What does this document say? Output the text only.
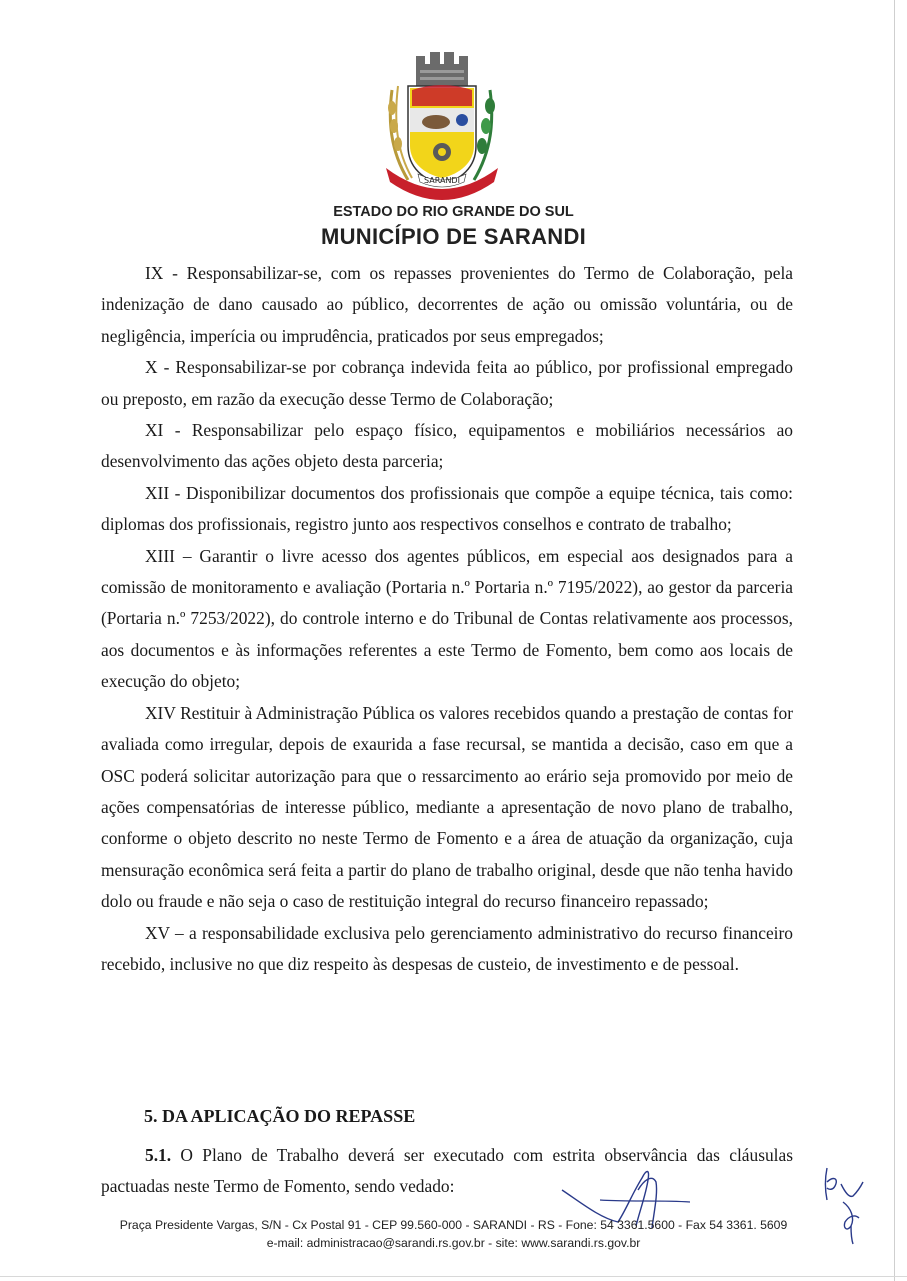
SARANDI
ESTADO DO RIO GRANDE DO SUL
MUNICÍPIO DE SARANDI

IX - Responsabilizar-se, com os repasses provenientes do Termo de Colaboração, pela indenização de dano causado ao público, decorrentes de ação ou omissão voluntária, ou de negligência, imperícia ou imprudência, praticados por seus empregados;

X - Responsabilizar-se por cobrança indevida feita ao público, por profissional empregado ou preposto, em razão da execução desse Termo de Colaboração;

XI - Responsabilizar pelo espaço físico, equipamentos e mobiliários necessários ao desenvolvimento das ações objeto desta parceria;

XII - Disponibilizar documentos dos profissionais que compõe a equipe técnica, tais como: diplomas dos profissionais, registro junto aos respectivos conselhos e contrato de trabalho;

XIII – Garantir o livre acesso dos agentes públicos, em especial aos designados para a comissão de monitoramento e avaliação (Portaria n.º Portaria n.º 7195/2022), ao gestor da parceria (Portaria n.º 7253/2022), do controle interno e do Tribunal de Contas relativamente aos processos, aos documentos e às informações referentes a este Termo de Fomento, bem como aos locais de execução do objeto;

XIV Restituir à Administração Pública os valores recebidos quando a prestação de contas for avaliada como irregular, depois de exaurida a fase recursal, se mantida a decisão, caso em que a OSC poderá solicitar autorização para que o ressarcimento ao erário seja promovido por meio de ações compensatórias de interesse público, mediante a apresentação de novo plano de trabalho, conforme o objeto descrito no neste Termo de Fomento e a área de atuação da organização, cuja mensuração econômica será feita a partir do plano de trabalho original, desde que não tenha havido dolo ou fraude e não seja o caso de restituição integral do recurso financeiro repassado;

XV – a responsabilidade exclusiva pelo gerenciamento administrativo do recurso financeiro recebido, inclusive no que diz respeito às despesas de custeio, de investimento e de pessoal.

5. DA APLICAÇÃO DO REPASSE

5.1. O Plano de Trabalho deverá ser executado com estrita observância das cláusulas pactuadas neste Termo de Fomento, sendo vedado:

Praça Presidente Vargas, S/N - Cx Postal 91 - CEP 99.560-000 - SARANDI - RS - Fone: 54 3361.5600 - Fax 54 3361. 5609
e-mail: administracao@sarandi.rs.gov.br - site: www.sarandi.rs.gov.br
